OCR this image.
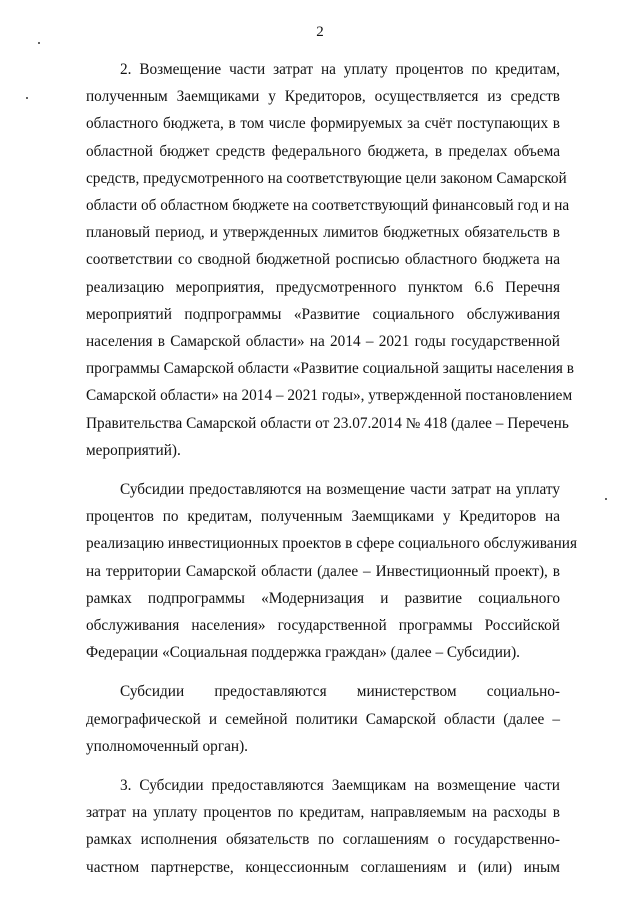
2
2. Возмещение части затрат на уплату процентов по кредитам,
полученным Заемщиками у Кредиторов, осуществляется из средств
областного бюджета, в том числе формируемых за счёт поступающих в
областной бюджет средств федерального бюджета, в пределах объема
средств, предусмотренного на соответствующие цели законом Самарской
области об областном бюджете на соответствующий финансовый год и на
плановый период, и утвержденных лимитов бюджетных обязательств в
соответствии со сводной бюджетной росписью областного бюджета на
реализацию мероприятия, предусмотренного пунктом 6.6 Перечня
мероприятий подпрограммы «Развитие социального обслуживания
населения в Самарской области» на 2014 – 2021 годы государственной
программы Самарской области «Развитие социальной защиты населения в
Самарской области» на 2014 – 2021 годы», утвержденной постановлением
Правительства Самарской области от 23.07.2014 № 418 (далее – Перечень
мероприятий).
Субсидии предоставляются на возмещение части затрат на уплату
процентов по кредитам, полученным Заемщиками у Кредиторов на
реализацию инвестиционных проектов в сфере социального обслуживания
на территории Самарской области (далее – Инвестиционный проект), в
рамках подпрограммы «Модернизация и развитие социального
обслуживания населения» государственной программы Российской
Федерации «Социальная поддержка граждан» (далее – Субсидии).
Субсидии предоставляются министерством социально-
демографической и семейной политики Самарской области (далее –
уполномоченный орган).
3. Субсидии предоставляются Заемщикам на возмещение части
затрат на уплату процентов по кредитам, направляемым на расходы в
рамках исполнения обязательств по соглашениям о государственно-
частном партнерстве, концессионным соглашениям и (или) иным
